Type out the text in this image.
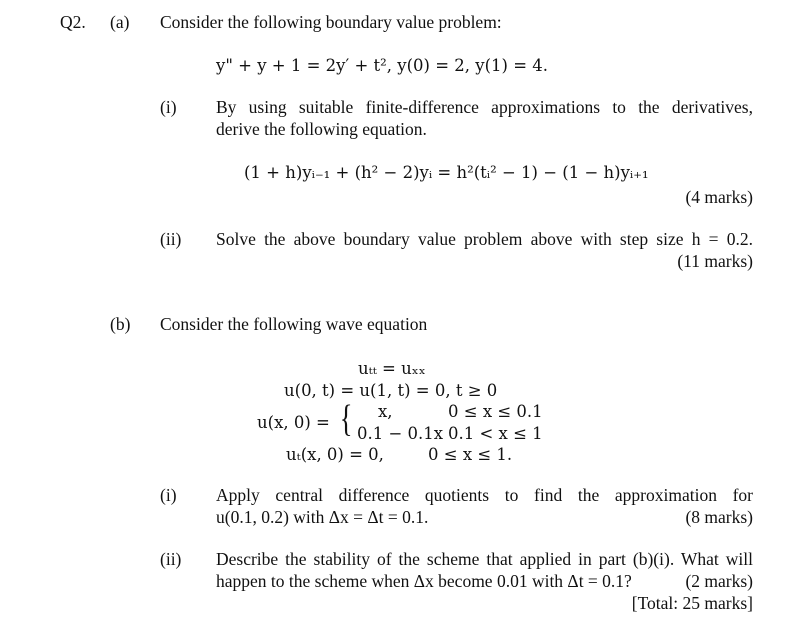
Q2. (a) Consider the following boundary value problem:
y" + y + 1 = 2y′ + t², y(0) = 2, y(1) = 4.
(i) By using suitable finite-difference approximations to the derivatives,
derive the following equation.
(1 + h)yᵢ₋₁ + (h² − 2)yᵢ = h²(tᵢ² − 1) − (1 − h)yᵢ₊₁
(4 marks)
(ii) Solve the above boundary value problem above with step size h = 0.2.
(11 marks)
(b) Consider the following wave equation
uₜₜ = uₓₓ
u(0, t) = u(1, t) = 0, t ≥ 0
u(x, 0) = { x,	0 ≤ x ≤ 0.1
0.1 − 0.1x 0.1 < x ≤ 1
uₜ(x, 0) = 0,	0 ≤ x ≤ 1.
(i) Apply central difference quotients to find the approximation for
u(0.1, 0.2) with Δx = Δt = 0.1.	(8 marks)
(ii) Describe the stability of the scheme that applied in part (b)(i). What will
happen to the scheme when Δx become 0.01 with Δt = 0.1?	(2 marks)
[Total: 25 marks]
